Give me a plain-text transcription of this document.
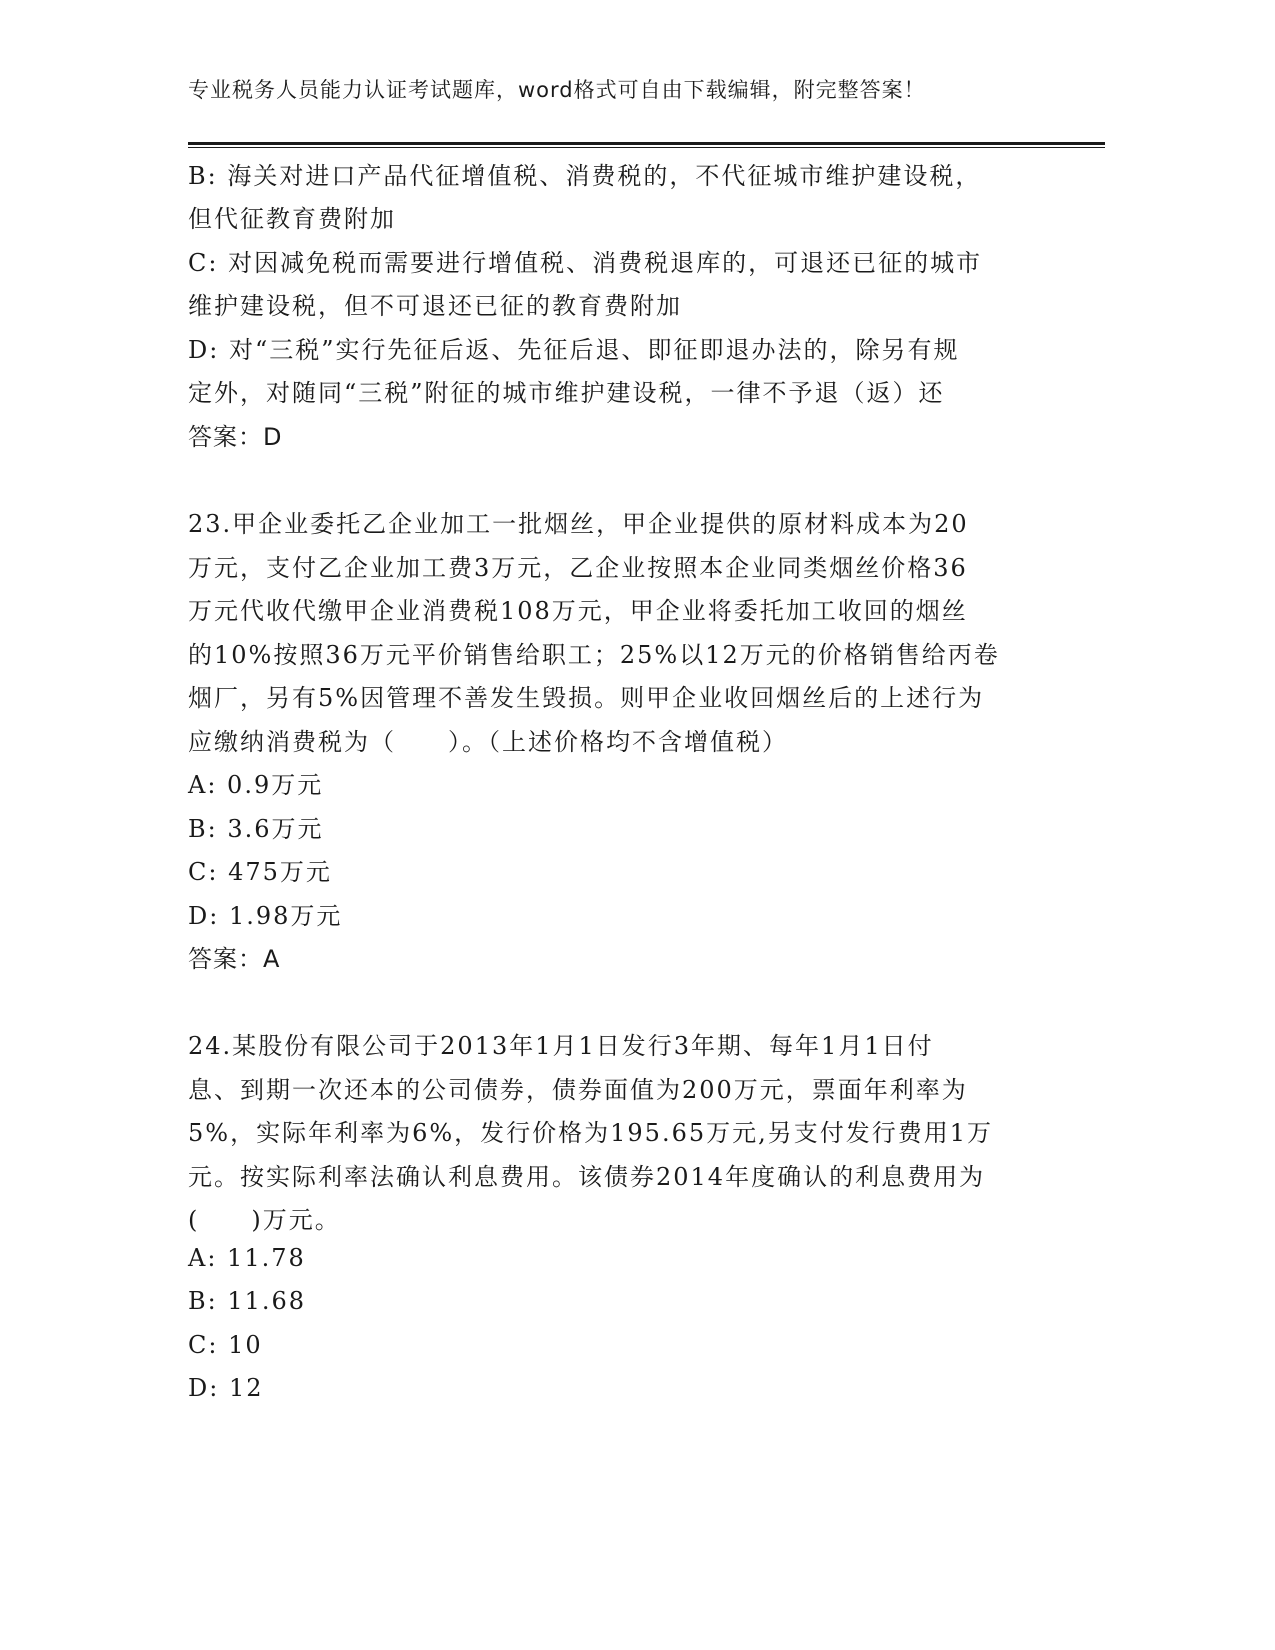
专业税务人员能力认证考试题库，word格式可自由下载编辑，附完整答案！
B: 海关对进口产品代征增值税、消费税的，不代征城市维护建设税，
但代征教育费附加
C: 对因减免税而需要进行增值税、消费税退库的，可退还已征的城市
维护建设税，但不可退还已征的教育费附加
D: 对“三税”实行先征后返、先征后退、即征即退办法的，除另有规
定外，对随同“三税”附征的城市维护建设税，一律不予退（返）还
答案：D
23.甲企业委托乙企业加工一批烟丝，甲企业提供的原材料成本为20
万元，支付乙企业加工费3万元，乙企业按照本企业同类烟丝价格36
万元代收代缴甲企业消费税108万元，甲企业将委托加工收回的烟丝
的10%按照36万元平价销售给职工；25%以12万元的价格销售给丙卷
烟厂，另有5%因管理不善发生毁损。则甲企业收回烟丝后的上述行为
应缴纳消费税为（　　）。（上述价格均不含增值税）
A: 0.9万元
B: 3.6万元
C: 475万元
D: 1.98万元
答案：A
24.某股份有限公司于2013年1月1日发行3年期、每年1月1日付
息、到期一次还本的公司债券，债券面值为200万元，票面年利率为
5%，实际年利率为6%，发行价格为195.65万元,另支付发行费用1万
元。按实际利率法确认利息费用。该债券2014年度确认的利息费用为
(　　)万元。
A: 11.78
B: 11.68
C: 10
D: 12
